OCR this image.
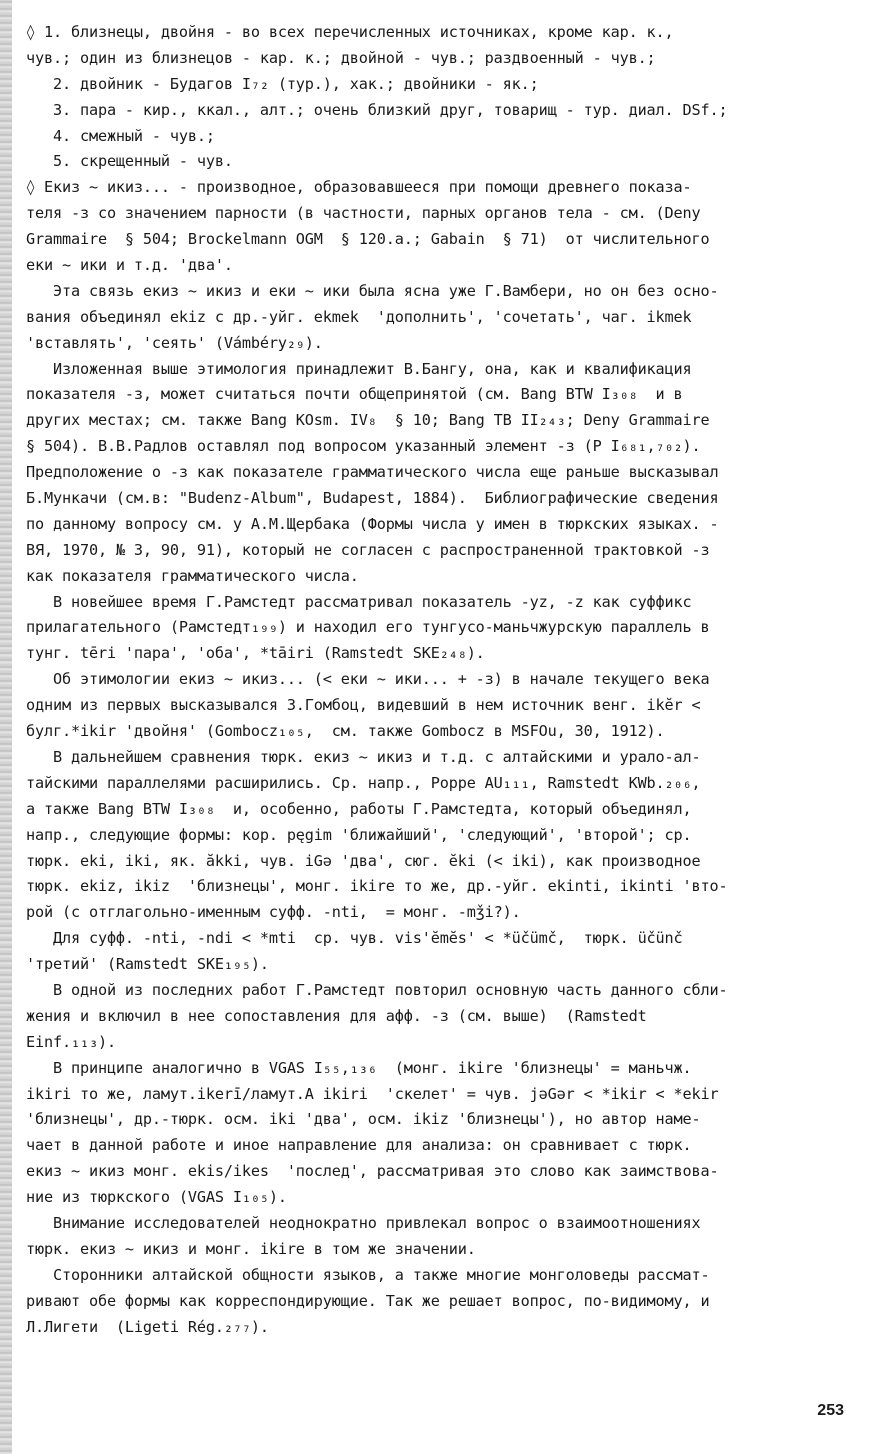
◊ 1. близнецы, двойня - во всех перечисленных источниках, кроме кар. к.,
чув.; один из близнецов - кар. к.; двойной - чув.; раздвоенный - чув.;
2. двойник - Будагов I₇₂ (тур.), хак.; двойники - як.;
3. пара - кир., ккал., алт.; очень близкий друг, товарищ - тур. диал. DSf.;
4. смежный - чув.;
5. скрещенный - чув.
◊ Екиз ~ икиз... - производное, образовавшееся при помощи древнего показа-
теля -з со значением парности (в частности, парных органов тела - см. (Deny
Grammaire  § 504; Brockelmann OGM  § 120.a.; Gabain  § 71)  от числительного
еки ~ ики и т.д. 'два'.
Эта связь екиз ~ икиз и еки ~ ики была ясна уже Г.Вамбери, но он без осно-
вания объединял ekiz с др.-уйг. ekmek  'дополнить', 'сочетать', чаг. ikmek
'вставлять', 'сеять' (Vámbéry₂₉).
Изложенная выше этимология принадлежит В.Бангу, она, как и квалификация
показателя -з, может считаться почти общепринятой (см. Bang BTW I₃₀₈  и в
других местах; см. также Bang KOsm. IV₈  § 10; Bang TB II₂₄₃; Deny Grammaire
§ 504). В.В.Радлов оставлял под вопросом указанный элемент -з (Р I₆₈₁,₇₀₂).
Предположение о -з как показателе грамматического числа еще раньше высказывал
Б.Мункачи (см.в: "Budenz-Album", Budapest, 1884).  Библиографические сведения
по данному вопросу см. у А.М.Щербака (Формы числа у имен в тюркских языках. -
ВЯ, 1970, № 3, 90, 91), который не согласен с распространенной трактовкой -з
как показателя грамматического числа.
В новейшее время Г.Рамстедт рассматривал показатель -yz, -z как суффикс
прилагательного (Рамстедт₁₉₉) и находил его тунгусо-маньчжурскую параллель в
тунг. tēri 'пара', 'оба', *tāiri (Ramstedt SKE₂₄₈).
Об этимологии екиз ~ икиз... (< еки ~ ики... + -з) в начале текущего века
одним из первых высказывался З.Гомбоц, видевший в нем источник венг. ikĕr <
булг.*ikir 'двойня' (Gombocz₁₀₅,  см. также Gombocz в MSFOu, 30, 1912).
В дальнейшем сравнения тюрк. екиз ~ икиз и т.д. с алтайскими и урало-ал-
тайскими параллелями расширились. Ср. напр., Poppe AU₁₁₁, Ramstedt KWb.₂₀₆,
а также Bang BTW I₃₀₈  и, особенно, работы Г.Рамстедта, который объединял,
напр., следующие формы: кор. pęgim 'ближайший', 'следующий', 'второй'; ср.
тюрк. eki, iki, як. ăkki, чув. iGə 'два', сюг. ĕki (< iki), как производное
тюрк. ekiz, ikiz  'близнецы', монг. ikire то же, др.-уйг. ekinti, ikinti 'вто-
рой (с отглагольно-именным суфф. -nti,  = монг. -mǯi?).
Для суфф. -nti, -ndi < *mti  ср. чув. vis'ĕmĕs' < *üčümč,  тюрк. üčünč
'третий' (Ramstedt SKE₁₉₅).
В одной из последних работ Г.Рамстедт повторил основную часть данного сбли-
жения и включил в нее сопоставления для афф. -з (см. выше)  (Ramstedt
Einf.₁₁₃).
В принципе аналогично в VGAS I₅₅,₁₃₆  (монг. ikire 'близнецы' = маньчж.
ikiri то же, ламут.ikerī/ламут.A ikiri  'скелет' = чув. jəGər < *ikir < *ekir
'близнецы', др.-тюрк. осм. iki 'два', осм. ikiz 'близнецы'), но автор наме-
чает в данной работе и иное направление для анализа: он сравнивает с тюрк.
екиз ~ икиз монг. ekis/ikes  'послед', рассматривая это слово как заимствова-
ние из тюркского (VGAS I₁₀₅).
Внимание исследователей неоднократно привлекал вопрос о взаимоотношениях
тюрк. екиз ~ икиз и монг. ikire в том же значении.
Сторонники алтайской общности языков, а также многие монголоведы рассмат-
ривают обе формы как корреспондирующие. Так же решает вопрос, по-видимому, и
Л.Лигети  (Ligeti Rég.₂₇₇).
253
